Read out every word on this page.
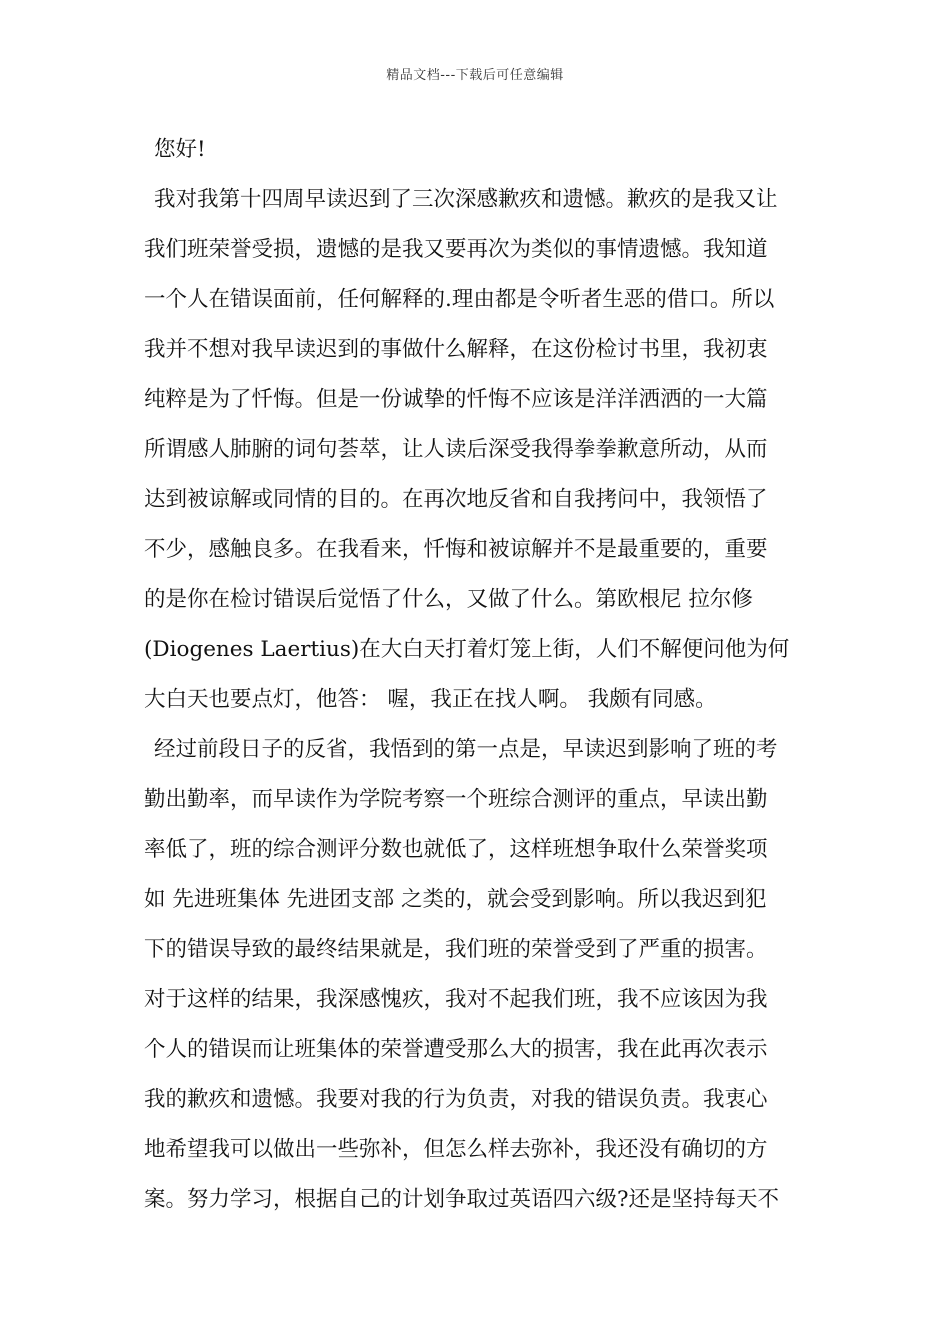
精品文档---下载后可任意编辑
您好!
我对我第十四周早读迟到了三次深感歉疚和遗憾。歉疚的是我又让
我们班荣誉受损，遗憾的是我又要再次为类似的事情遗憾。我知道
一个人在错误面前，任何解释的.理由都是令听者生恶的借口。所以
我并不想对我早读迟到的事做什么解释，在这份检讨书里，我初衷
纯粹是为了忏悔。但是一份诚挚的忏悔不应该是洋洋洒洒的一大篇
所谓感人肺腑的词句荟萃，让人读后深受我得拳拳歉意所动，从而
达到被谅解或同情的目的。在再次地反省和自我拷问中，我领悟了
不少，感触良多。在我看来，忏悔和被谅解并不是最重要的，重要
的是你在检讨错误后觉悟了什么，又做了什么。第欧根尼 拉尔修
(Diogenes Laertius)在大白天打着灯笼上街，人们不解便问他为何
大白天也要点灯，他答： 喔，我正在找人啊。 我颇有同感。
经过前段日子的反省，我悟到的第一点是，早读迟到影响了班的考
勤出勤率，而早读作为学院考察一个班综合测评的重点，早读出勤
率低了，班的综合测评分数也就低了，这样班想争取什么荣誉奖项
如 先进班集体 先进团支部 之类的，就会受到影响。所以我迟到犯
下的错误导致的最终结果就是，我们班的荣誉受到了严重的损害。
对于这样的结果，我深感愧疚，我对不起我们班，我不应该因为我
个人的错误而让班集体的荣誉遭受那么大的损害，我在此再次表示
我的歉疚和遗憾。我要对我的行为负责，对我的错误负责。我衷心
地希望我可以做出一些弥补，但怎么样去弥补，我还没有确切的方
案。努力学习，根据自己的计划争取过英语四六级?还是坚持每天不
